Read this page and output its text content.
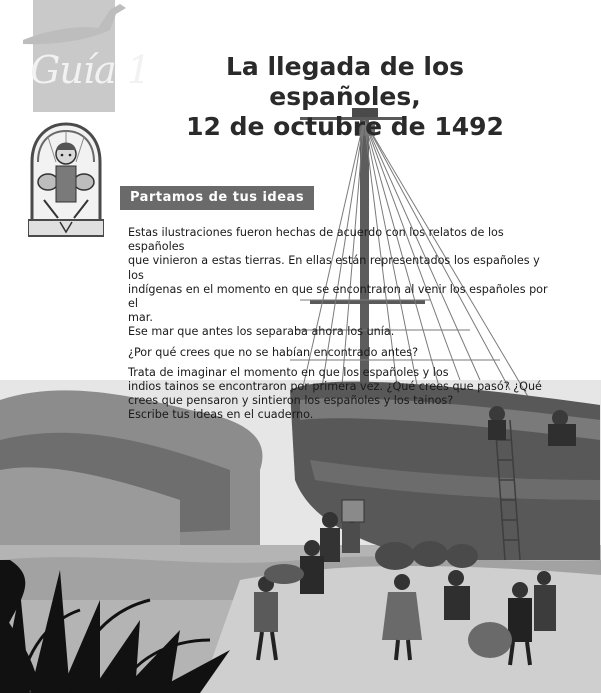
Guía 1	La llegada de los españoles,
12 de octubre de 1492
Partamos de tus ideas

Estas ilustraciones fueron hechas de acuerdo con los relatos de los españoles
que vinieron a estas tierras. En ellas están representados los españoles y los
indígenas en el momento en que se encontraron al venir los españoles por el
mar.
Ese mar que antes los separaba ahora los unía.

¿Por qué crees que no se habían encontrado antes?

Trata de imaginar el momento en que los españoles y los
indios tainos se encontraron por primera vez. ¿Qué crees que pasó? ¿Qué
crees que pensaron y sintieron los españoles y los tainos?
Escribe tus ideas en el cuaderno.
